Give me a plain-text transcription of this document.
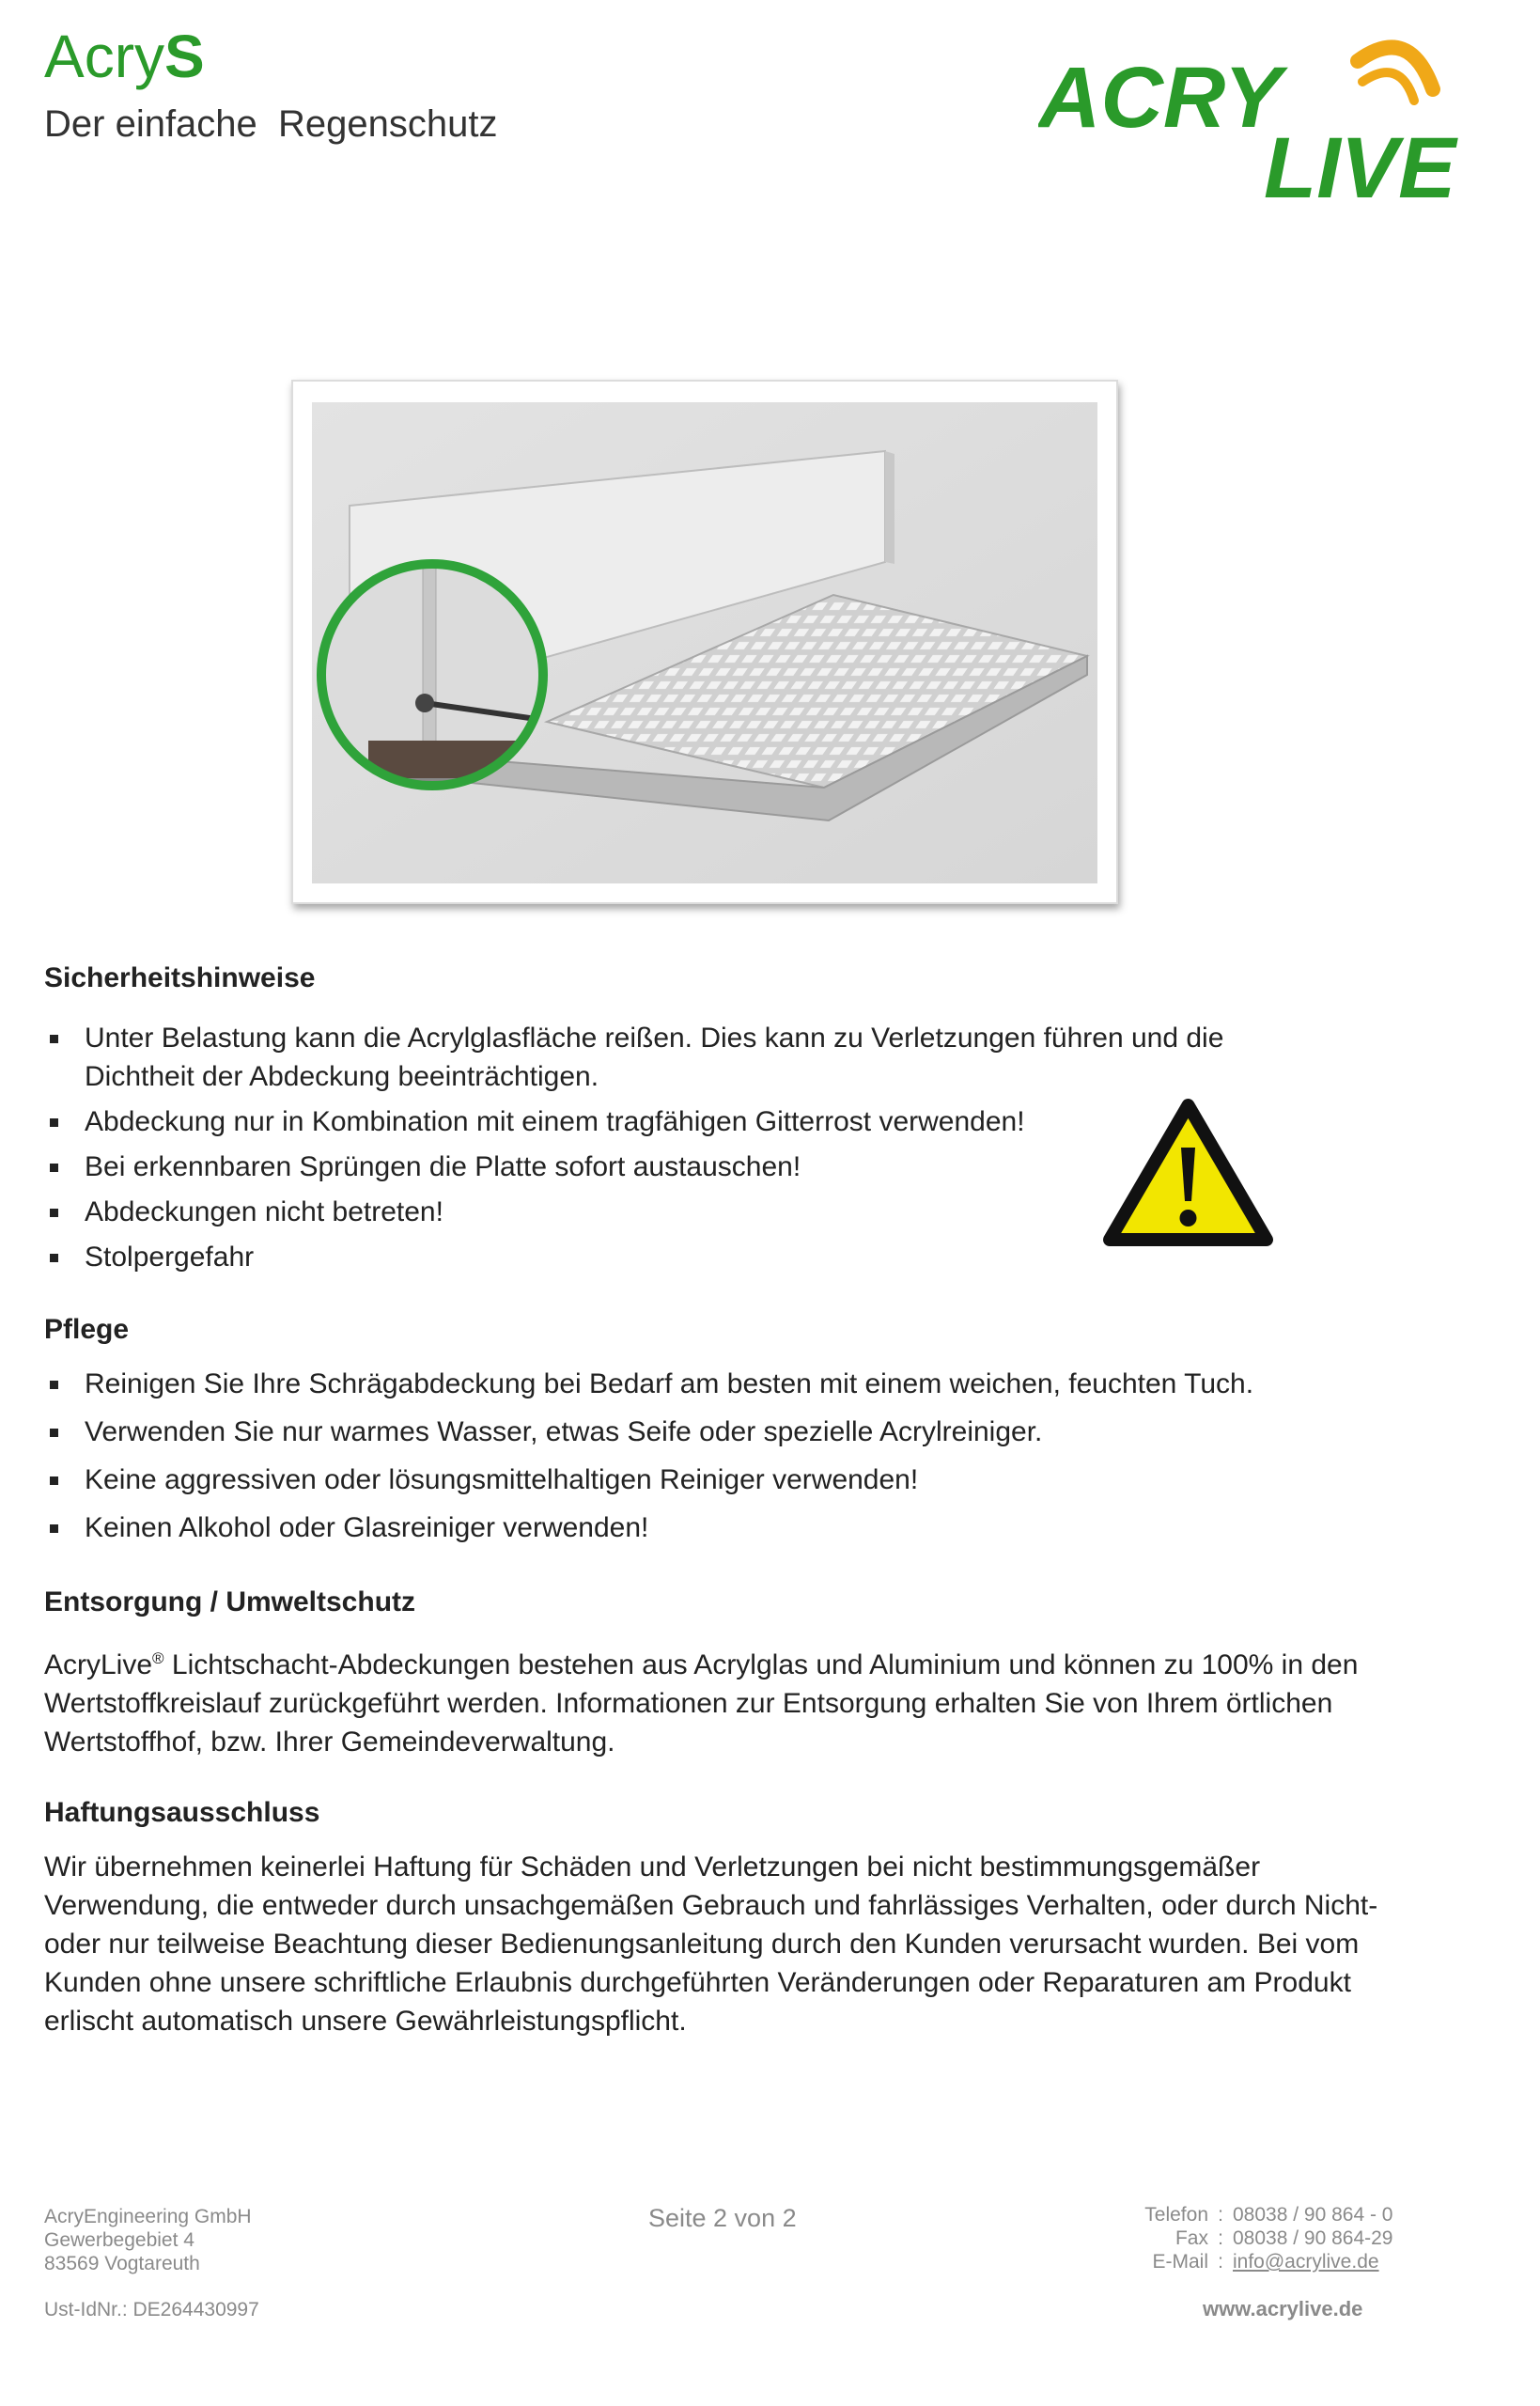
AcryS
Der einfache  Regenschutz	ACRY
LIVE
Sicherheitshinweise
Unter Belastung kann die Acrylglasfläche reißen. Dies kann zu Verletzungen führen und die Dichtheit der Abdeckung beeinträchtigen.
Abdeckung nur in Kombination mit einem tragfähigen Gitterrost verwenden!
Bei erkennbaren Sprüngen die Platte sofort austauschen!
Abdeckungen nicht betreten!
Stolpergefahr
Pflege
Reinigen Sie Ihre Schrägabdeckung bei Bedarf am besten mit einem weichen, feuchten Tuch.
Verwenden Sie nur warmes Wasser, etwas Seife oder spezielle Acrylreiniger.
Keine aggressiven oder lösungsmittelhaltigen Reiniger verwenden!
Keinen Alkohol oder Glasreiniger verwenden!
Entsorgung / Umweltschutz
AcryLive® Lichtschacht-Abdeckungen bestehen aus Acrylglas und Aluminium und können zu 100% in den Wertstoffkreislauf zurückgeführt werden. Informationen zur Entsorgung erhalten Sie von Ihrem örtlichen Wertstoffhof, bzw. Ihrer Gemeindeverwaltung.
Haftungsausschluss
Wir übernehmen keinerlei Haftung für Schäden und Verletzungen bei nicht bestimmungsgemäßer Verwendung, die entweder durch unsachgemäßen Gebrauch und fahrlässiges Verhalten, oder durch Nicht- oder nur teilweise Beachtung dieser Bedienungsanleitung durch den Kunden verursacht wurden. Bei vom Kunden ohne unsere schriftliche Erlaubnis durchgeführten Veränderungen oder Reparaturen am Produkt erlischt automatisch unsere Gewährleistungspflicht.
AcryEngineering GmbH
Gewerbegebiet 4
83569 Vogtareuth
Ust-IdNr.: DE264430997
Seite 2 von 2	Telefon : 08038 / 90 864 - 0
Fax : 08038 / 90 864-29
E-Mail : info@acrylive.de
www.acrylive.de
